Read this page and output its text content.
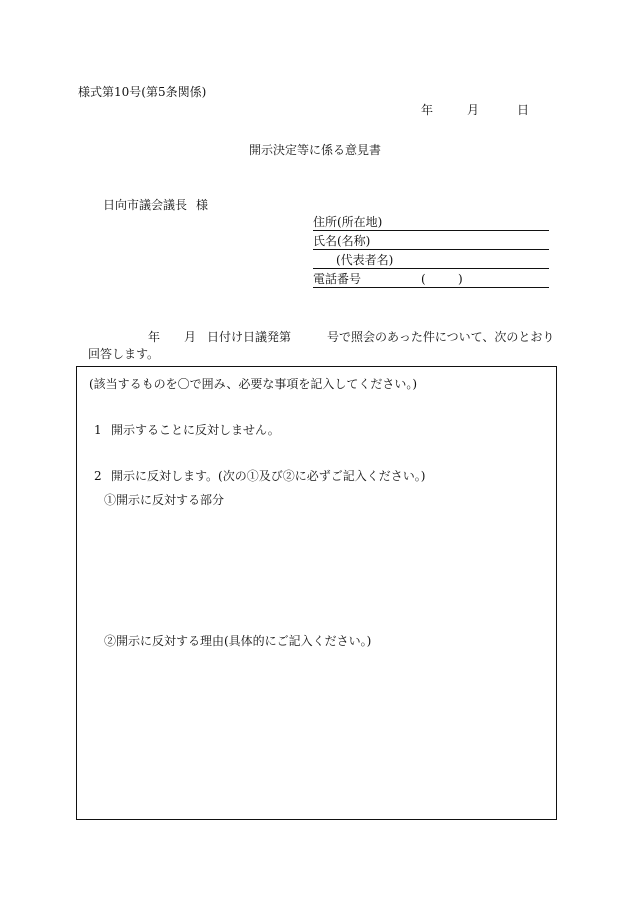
様式第10号(第5条関係)
年	月	日
開示決定等に係る意見書
日向市議会議長 様
住所(所在地)
氏名(名称)
(代表者名)
電話番号	(	)
年 月 日付け日議発第	号で照会のあった件について、次のとおり
回答します。
(該当するものを〇で囲み、必要な事項を記入してください。)
1 開示することに反対しません。
2 開示に反対します。(次の①及び②に必ずご記入ください。)
①開示に反対する部分
②開示に反対する理由(具体的にご記入ください。)
